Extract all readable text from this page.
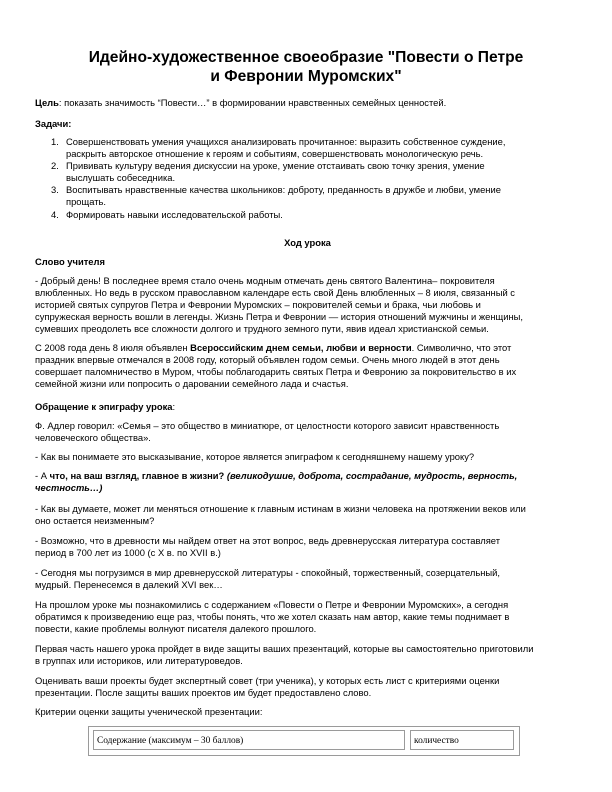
Идейно-художественное своеобразие "Повести о Петре
и Февронии Муромских"

Цель: показать значимость “Повести…” в формировании нравственных семейных ценностей.

Задачи:

1. Совершенствовать умения учащихся анализировать прочитанное: выразить собственное суждение,
раскрыть авторское отношение к героям и событиям, совершенствовать монологическую речь.
2. Прививать культуру ведения дискуссии на уроке, умение отстаивать свою точку зрения, умение
выслушать собеседника.
3. Воспитывать нравственные качества школьников: доброту, преданность в дружбе и любви, умение
прощать.
4. Формировать навыки исследовательской работы.
Ход урока

Слово учителя

- Добрый день! В последнее время стало очень модным отмечать день святого Валентина– покровителя
влюбленных. Но ведь в русском православном календаре есть свой День влюбленных – 8 июля, связанный с
историей святых супругов Петра и Февронии Муромских – покровителей семьи и брака, чьи любовь и
супружеская верность вошли в легенды. Жизнь Петра и Февронии — история отношений мужчины и женщины,
сумевших преодолеть все сложности долгого и трудного земного пути, явив идеал христианской семьи.
С 2008 года день 8 июля объявлен Всероссийским днем семьи, любви и верности. Символично, что этот
праздник впервые отмечался в 2008 году, который объявлен годом семьи. Очень много людей в этот день
совершает паломничество в Муром, чтобы поблагодарить святых Петра и Февронию за покровительство в их
семейной жизни или попросить о даровании семейного лада и счастья.

Обращение к эпиграфу урока:

Ф. Адлер говорил: «Семья – это общество в миниатюре, от целостности которого зависит нравственность
человеческого общества».
- Как вы понимаете это высказывание, которое является эпиграфом к сегодняшнему нашему уроку?
- А что, на ваш взгляд, главное в жизни? (великодушие, доброта, сострадание, мудрость, верность,
честность…)
- Как вы думаете, может ли меняться отношение к главным истинам в жизни человека на протяжении веков или
оно остается неизменным?
- Возможно, что в древности мы найдем ответ на этот вопрос, ведь древнерусская литература составляет
период в 700 лет из 1000 (с X в. по XVII в.)
- Сегодня мы погрузимся в мир древнерусской литературы - спокойный, торжественный, созерцательный,
мудрый. Перенесемся в далекий XVI век…
На прошлом уроке мы познакомились с содержанием «Повести о Петре и Февронии Муромских», а сегодня
обратимся к произведению еще раз, чтобы понять, что же хотел сказать нам автор, какие темы поднимает в
повести, какие проблемы волнуют писателя далекого прошлого.
Первая часть нашего урока пройдет в виде защиты ваших презентаций, которые вы самостоятельно приготовили
в группах или историков, или литературоведов.
Оценивать ваши проекты будет экспертный совет (три ученика), у которых есть лист с критериями оценки
презентации. После защиты ваших проектов им будет предоставлено слово.
Критерии оценки защиты ученической презентации:
Содержание (максимум – 30 баллов)	количество
